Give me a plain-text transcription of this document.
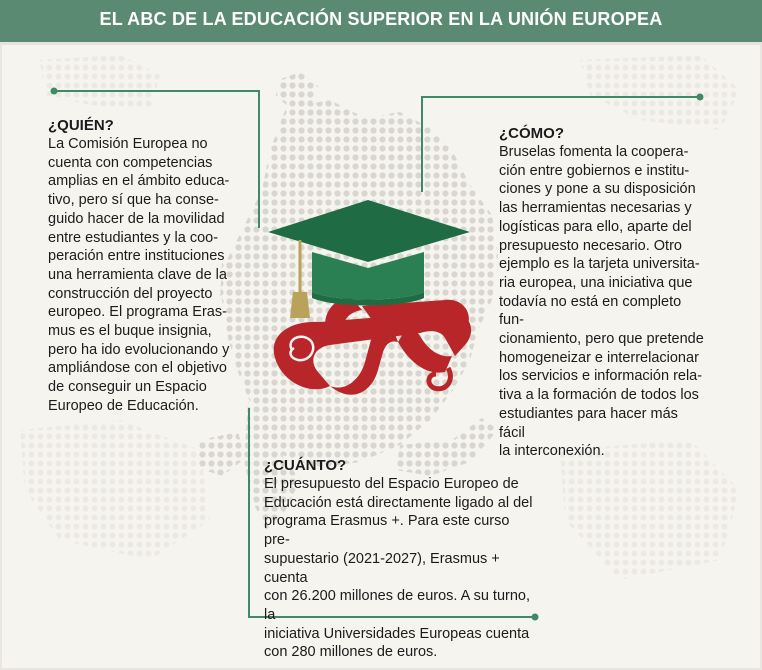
EL ABC DE LA EDUCACIÓN SUPERIOR EN LA UNIÓN EUROPEA
¿QUIÉN?

La Comisión Europea no
cuenta con competencias
amplias en el ámbito educa-
tivo, pero sí que ha conse-
guido hacer de la movilidad
entre estudiantes y la coo-
peración entre instituciones
una herramienta clave de la
construcción del proyecto
europeo. El programa Eras-
mus es el buque insignia,
pero ha ido evolucionando y
ampliándose con el objetivo
de conseguir un Espacio
Europeo de Educación.

¿CÓMO?

Bruselas fomenta la coopera-
ción entre gobiernos e institu-
ciones y pone a su disposición
las herramientas necesarias y
logísticas para ello, aparte del
presupuesto necesario. Otro
ejemplo es la tarjeta universita-
ria europea, una iniciativa que
todavía no está en completo fun-
cionamiento, pero que pretende
homogeneizar e interrelacionar
los servicios e información rela-
tiva a la formación de todos los
estudiantes para hacer más fácil
la interconexión.

¿CUÁNTO?

El presupuesto del Espacio Europeo de
Educación está directamente ligado al del
programa Erasmus +. Para este curso pre-
supuestario (2021-2027), Erasmus + cuenta
con 26.200 millones de euros. A su turno, la
iniciativa Universidades Europeas cuenta
con 280 millones de euros.
